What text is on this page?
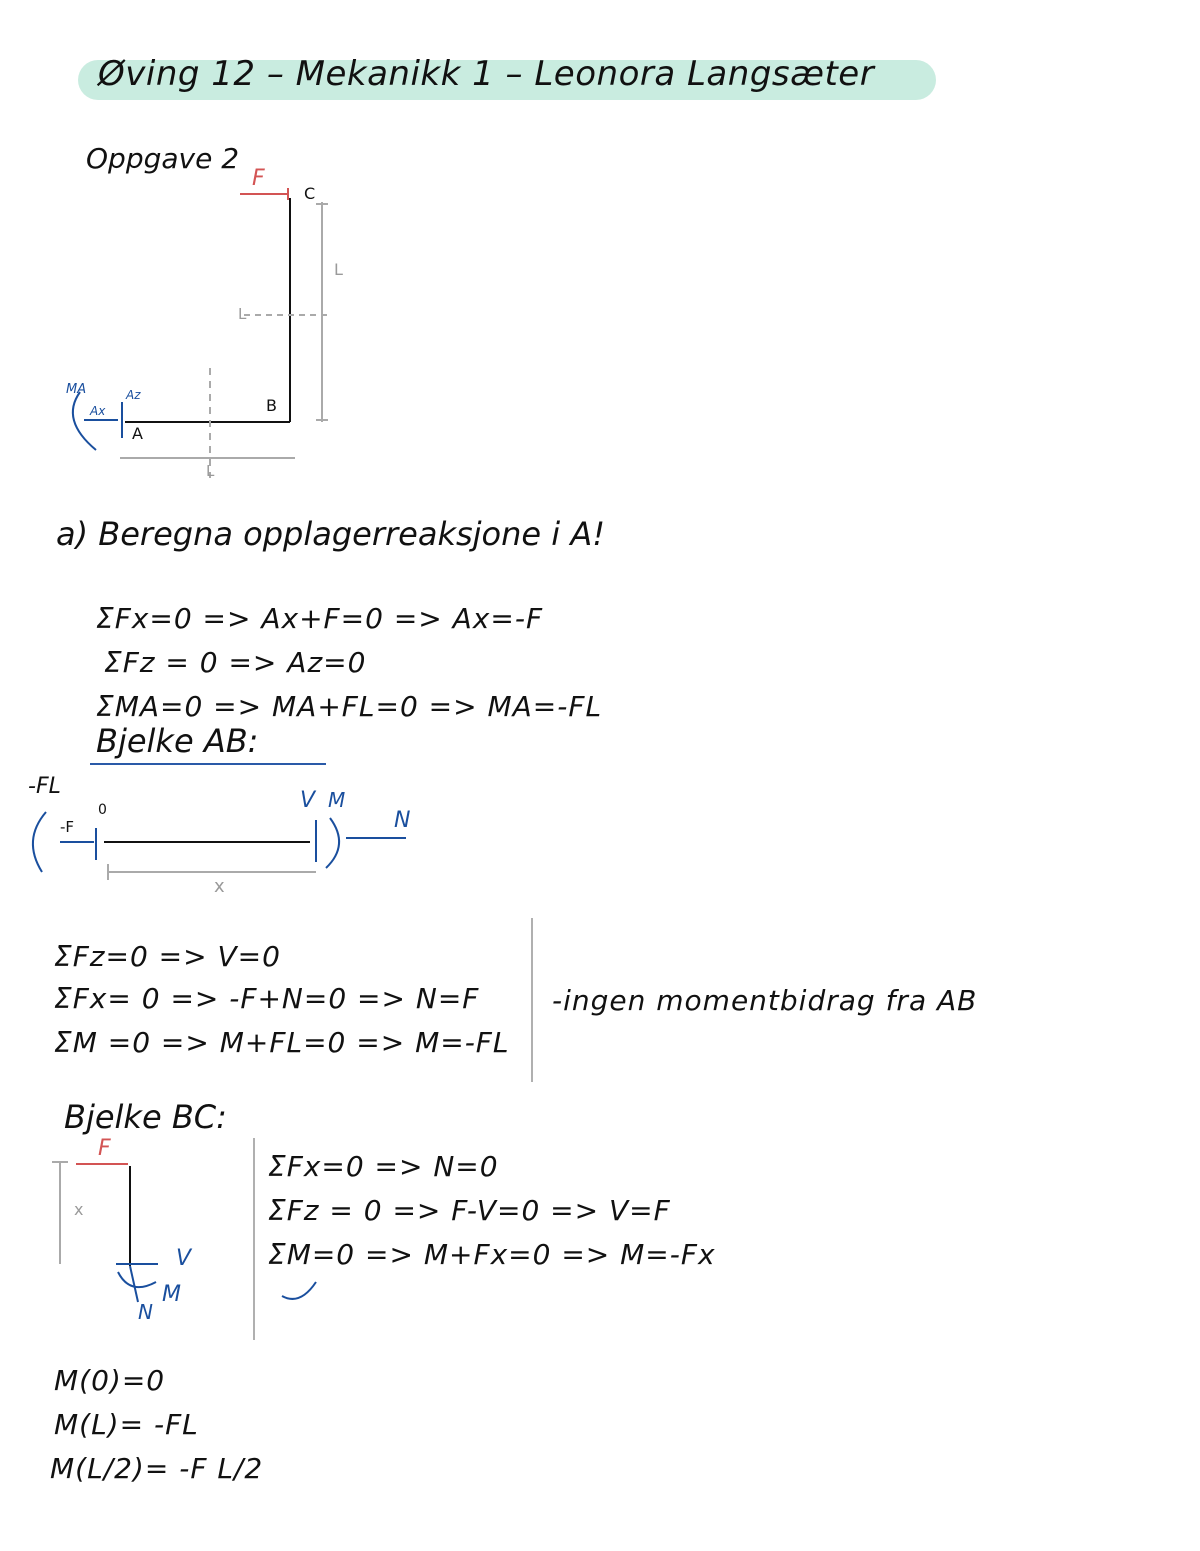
Øving 12 – Mekanikk 1 – Leonora Langsæter
Oppgave 2
F
C
B
A
L
L
L
MA
Ax
Az
a) Beregna opplagerreaksjone i A!
ΣFx=0 => Ax+F=0 => Ax=-F
ΣFz = 0 => Az=0
ΣMA=0 => MA+FL=0 => MA=-FL
Bjelke AB:
-FL
-F
0	V M
N
x
ΣFz=0 => V=0
ΣFx= 0 => -F+N=0 => N=F
ΣM =0 => M+FL=0 => M=-FL
-ingen momentbidrag fra AB
Bjelke BC:
F
x
V
M
N
ΣFx=0 => N=0
ΣFz = 0 => F-V=0 => V=F
ΣM=0 => M+Fx=0 => M=-Fx
M(0)=0
M(L)= -FL
M(L/2)= -F L/2
